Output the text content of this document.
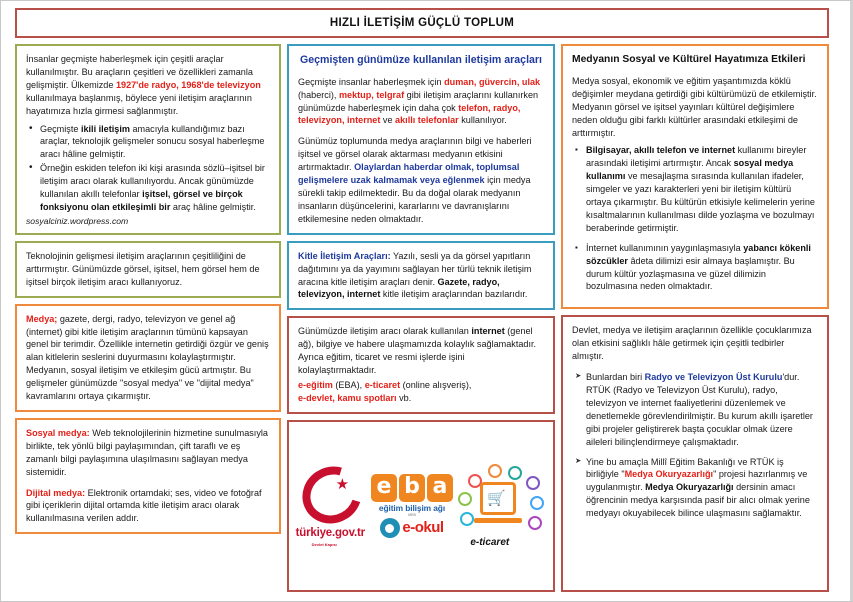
HIZLI İLETİŞİM GÜÇLÜ TOPLUM

İnsanlar geçmişte haberleşmek için çeşitli araçlar kullanılmıştır. Bu araçların çeşitleri ve özellikleri zamanla gelişmiştir. Ülkemizde 1927'de radyo, 1968'de televizyon kullanılmaya başlanmış, böylece yeni iletişim araçlarının hayatımıza hızla girmesi sağlanmıştır.

• Geçmişte ikili iletişim amacıyla kullandığımız bazı araçlar, teknolojik gelişmeler sonucu sosyal haberleşme aracı hâline gelmiştir.
• Örneğin eskiden telefon iki kişi arasında sözlü–işitsel bir iletişim aracı olarak kullanılıyordu. Ancak günümüzde kullanılan akıllı telefonlar işitsel, görsel ve birçok fonksiyonu olan etkileşimli bir araç hâline gelmiştir.
sosyalciniz.wordpress.com

Teknolojinin gelişmesi iletişim araçlarının çeşitliliğini de arttırmıştır. Günümüzde görsel, işitsel, hem görsel hem de işitsel birçok iletişim aracı kullanıyoruz.

Medya; gazete, dergi, radyo, televizyon ve genel ağ (internet) gibi kitle iletişim araçlarının tümünü kapsayan genel bir terimdir. Özellikle internetin getirdiği özgür ve geniş alan kitlelerin seslerini duyurmasını kolaylaştırmıştır. Medyanın, sosyal iletişim ve etkileşim gücü artmıştır. Bu gelişmeler günümüzde "sosyal medya" ve "dijital medya" kavramlarını ortaya çıkarmıştır.

Sosyal medya: Web teknolojilerinin hizmetine sunulmasıyla birlikte, tek yönlü bilgi paylaşımından, çift taraflı ve eş zamanlı bilgi paylaşımına ulaşılmasını sağlayan medya sistemidir.

Dijital medya: Elektronik ortamdaki; ses, video ve fotoğraf gibi içeriklerin dijital ortamda kitle iletişim aracı olarak kullanılmasına verilen addır.

Geçmişten günümüze kullanılan iletişim araçları

Geçmişte insanlar haberleşmek için duman, güvercin, ulak (haberci), mektup, telgraf gibi iletişim araçlarını kullanırken günümüzde haberleşmek için daha çok telefon, radyo, televizyon, internet ve akıllı telefonlar kullanılıyor.

Günümüz toplumunda medya araçlarının bilgi ve haberleri işitsel ve görsel olarak aktarması medyanın etkisini artırmaktadır. Olaylardan haberdar olmak, toplumsal gelişmelere uzak kalmamak veya eğlenmek için medya sürekli takip edilmektedir. Bu da doğal olarak medyanın insanların düşüncelerini, kararlarını ve davranışlarını etkilemesine neden olmaktadır.

Kitle İletişim Araçları: Yazılı, sesli ya da görsel yapıtların dağıtımını ya da yayımını sağlayan her türlü teknik iletişim aracına kitle iletişim araçları denir. Gazete, radyo, televizyon, internet kitle iletişim araçlarından bazılarıdır.

Günümüzde iletişim aracı olarak kullanılan internet (genel ağ), bilgiye ve habere ulaşmamızda kolaylık sağlamaktadır. Ayrıca eğitim, ticaret ve resmi işlerde işini kolaylaştırmaktadır.

e-eğitim (EBA), e-ticaret (online alışveriş),
e-devlet, kamu spotları vb.

türkiye.gov.tr
Devlet Kapısı
e b a
eğitim bilişim ağı
MEB
e-okul
🛒
e-ticaret
Medyanın Sosyal ve Kültürel Hayatımıza Etkileri

Medya sosyal, ekonomik ve eğitim yaşantımızda köklü değişimler meydana getirdiği gibi kültürümüzü de etkilemiştir. Medyanın görsel ve işitsel yayınları kültürel değişimlere neden olduğu gibi farklı kültürler arasındaki etkileşimi de arttırmıştır.

▪ Bilgisayar, akıllı telefon ve internet kullanımı bireyler arasındaki iletişimi artırmıştır. Ancak sosyal medya kullanımı ve mesajlaşma sırasında kullanılan ifadeler, simgeler ve yazı karakterleri yeni bir iletişim kültürü ortaya çıkarmıştır. Bu kültürün etkisiyle kelimelerin yerine kısaltmalarının kullanılması dilde yozlaşma ve bozulmayı beraberinde getirmiştir.
▪ İnternet kullanımının yaygınlaşmasıyla yabancı kökenli sözcükler âdeta dilimizi esir almaya başlamıştır. Bu durum kültür yozlaşmasına ve güzel dilimizin bozulmasına neden olmaktadır.

Devlet, medya ve iletişim araçlarının özellikle çocuklarımıza olan etkisini sağlıklı hâle getirmek için çeşitli tedbirler almıştır.

➤ Bunlardan biri Radyo ve Televizyon Üst Kurulu'dur. RTÜK (Radyo ve Televizyon Üst Kurulu), radyo, televizyon ve internet faaliyetlerini düzenlemek ve denetlemekle görevlendirilmiştir. Bu kurum akıllı işaretler gibi projeler geliştirerek başta çocuklar olmak üzere aileleri bilinçlendirmeye çalışmaktadır.
➤ Yine bu amaçla Millî Eğitim Bakanlığı ve RTÜK iş birliğiyle "Medya Okuryazarlığı" projesi hazırlanmış ve uygulanmıştır. Medya Okuryazarlığı dersinin amacı öğrencinin medya karşısında pasif bir alıcı olmak yerine medyayı okuyabilecek bilince ulaşmasını sağlamaktır.
